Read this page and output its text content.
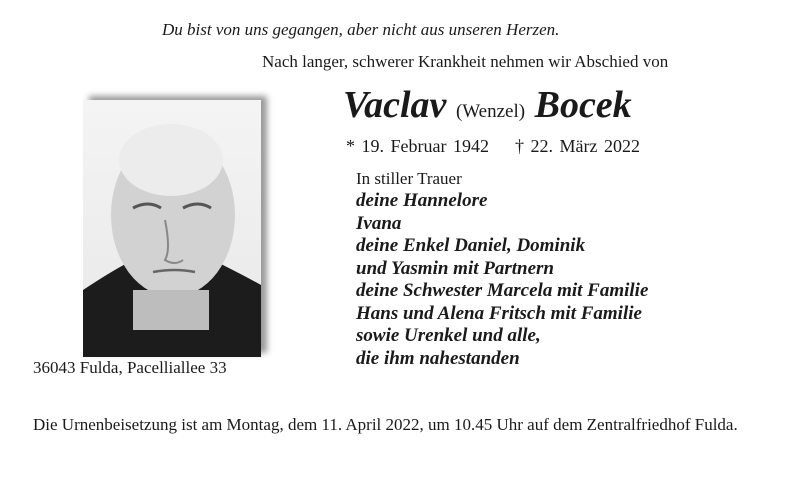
Du bist von uns gegangen, aber nicht aus unseren Herzen.
Nach langer, schwerer Krankheit nehmen wir Abschied von
Vaclav (Wenzel) Bocek
* 19. Februar 1942 † 22. März 2022
In stiller Trauer
deine Hannelore
Ivana
deine Enkel Daniel, Dominik
und Yasmin mit Partnern
deine Schwester Marcela mit Familie
Hans und Alena Fritsch mit Familie
sowie Urenkel und alle,
die ihm nahestanden
36043 Fulda, Pacelliallee 33
Die Urnenbeisetzung ist am Montag, dem 11. April 2022, um 10.45 Uhr auf dem Zentralfriedhof Fulda.
